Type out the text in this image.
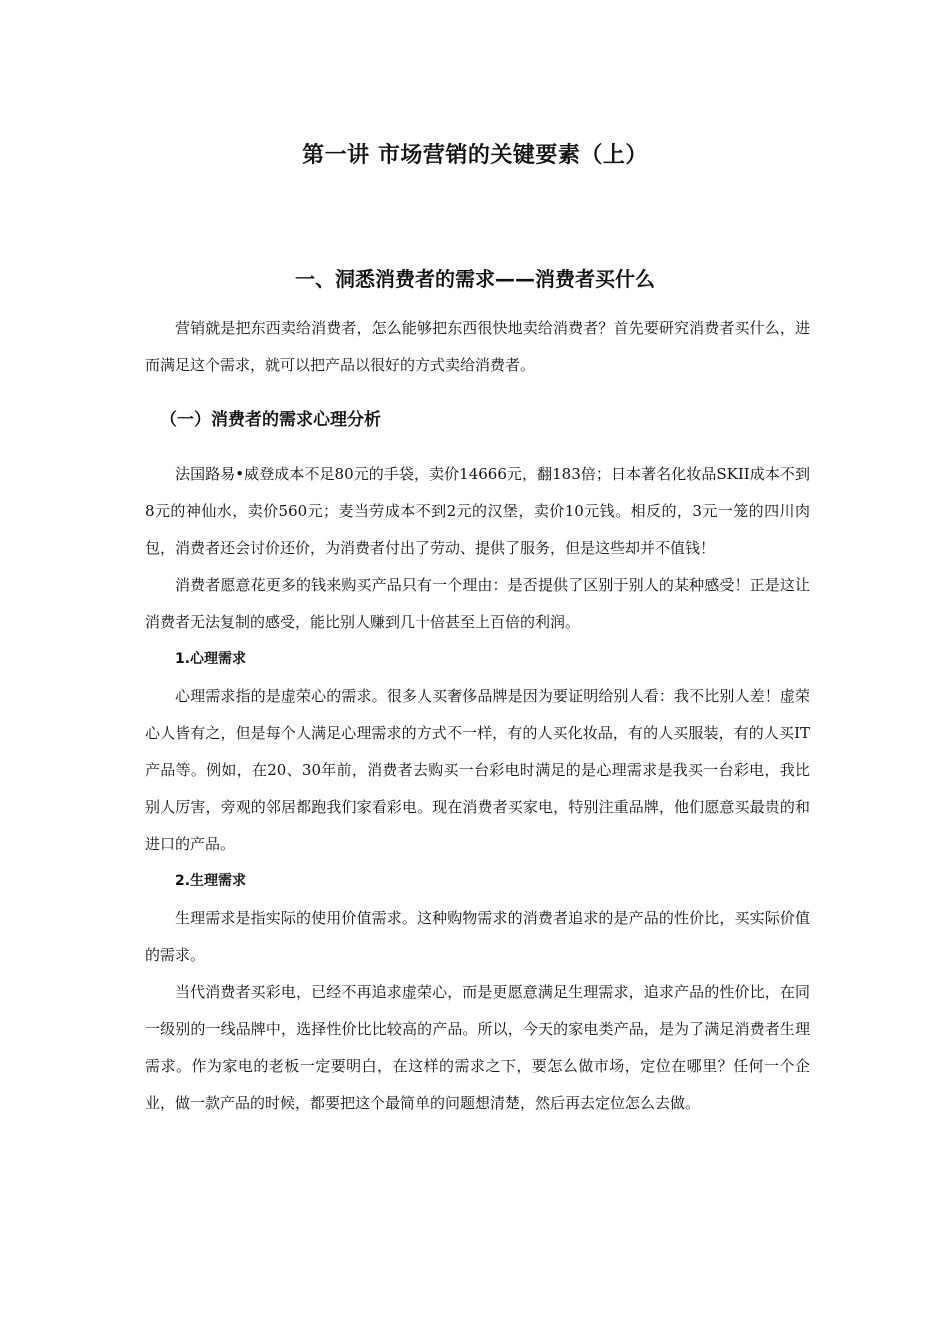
第一讲 市场营销的关键要素（上）
一、洞悉消费者的需求——消费者买什么

营销就是把东西卖给消费者，怎么能够把东西很快地卖给消费者？首先要研究消费者买什么，进而满足这个需求，就可以把产品以很好的方式卖给消费者。

（一）消费者的需求心理分析

法国路易•威登成本不足80元的手袋，卖价14666元，翻183倍；日本著名化妆品SKII成本不到8元的神仙水，卖价560元；麦当劳成本不到2元的汉堡，卖价10元钱。相反的，3元一笼的四川肉包，消费者还会讨价还价，为消费者付出了劳动、提供了服务，但是这些却并不值钱！

消费者愿意花更多的钱来购买产品只有一个理由：是否提供了区别于别人的某种感受！正是这让消费者无法复制的感受，能比别人赚到几十倍甚至上百倍的利润。

1.心理需求

心理需求指的是虚荣心的需求。很多人买奢侈品牌是因为要证明给别人看：我不比别人差！虚荣心人皆有之，但是每个人满足心理需求的方式不一样，有的人买化妆品，有的人买服装，有的人买IT产品等。例如，在20、30年前，消费者去购买一台彩电时满足的是心理需求是我买一台彩电，我比别人厉害，旁观的邻居都跑我们家看彩电。现在消费者买家电，特别注重品牌，他们愿意买最贵的和进口的产品。

2.生理需求

生理需求是指实际的使用价值需求。这种购物需求的消费者追求的是产品的性价比，买实际价值的需求。

当代消费者买彩电，已经不再追求虚荣心，而是更愿意满足生理需求，追求产品的性价比，在同一级别的一线品牌中，选择性价比比较高的产品。所以，今天的家电类产品，是为了满足消费者生理需求。作为家电的老板一定要明白，在这样的需求之下，要怎么做市场，定位在哪里？任何一个企业，做一款产品的时候，都要把这个最简单的问题想清楚，然后再去定位怎么去做。
